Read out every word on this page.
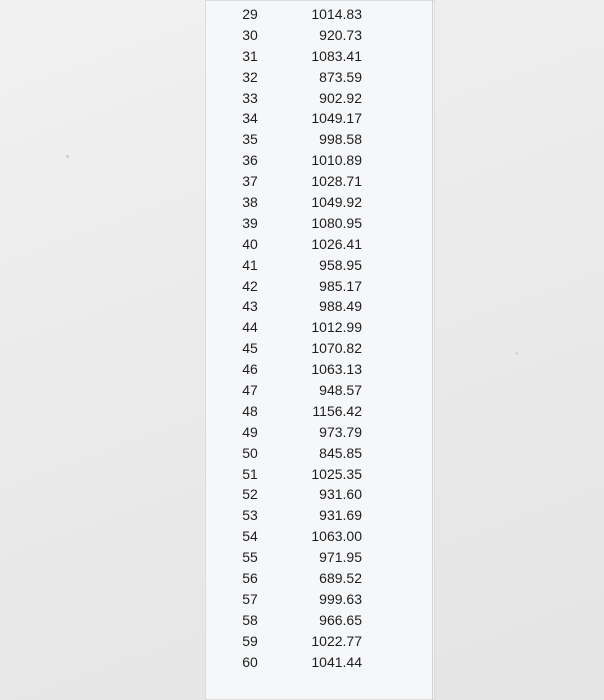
29	1014.83
30	920.73
31	1083.41
32	873.59
33	902.92
34	1049.17
35	998.58
36	1010.89
37	1028.71
38	1049.92
39	1080.95
40	1026.41
41	958.95
42	985.17
43	988.49
44	1012.99
45	1070.82
46	1063.13
47	948.57
48	1156.42
49	973.79
50	845.85
51	1025.35
52	931.60
53	931.69
54	1063.00
55	971.95
56	689.52
57	999.63
58	966.65
59	1022.77
60	1041.44
